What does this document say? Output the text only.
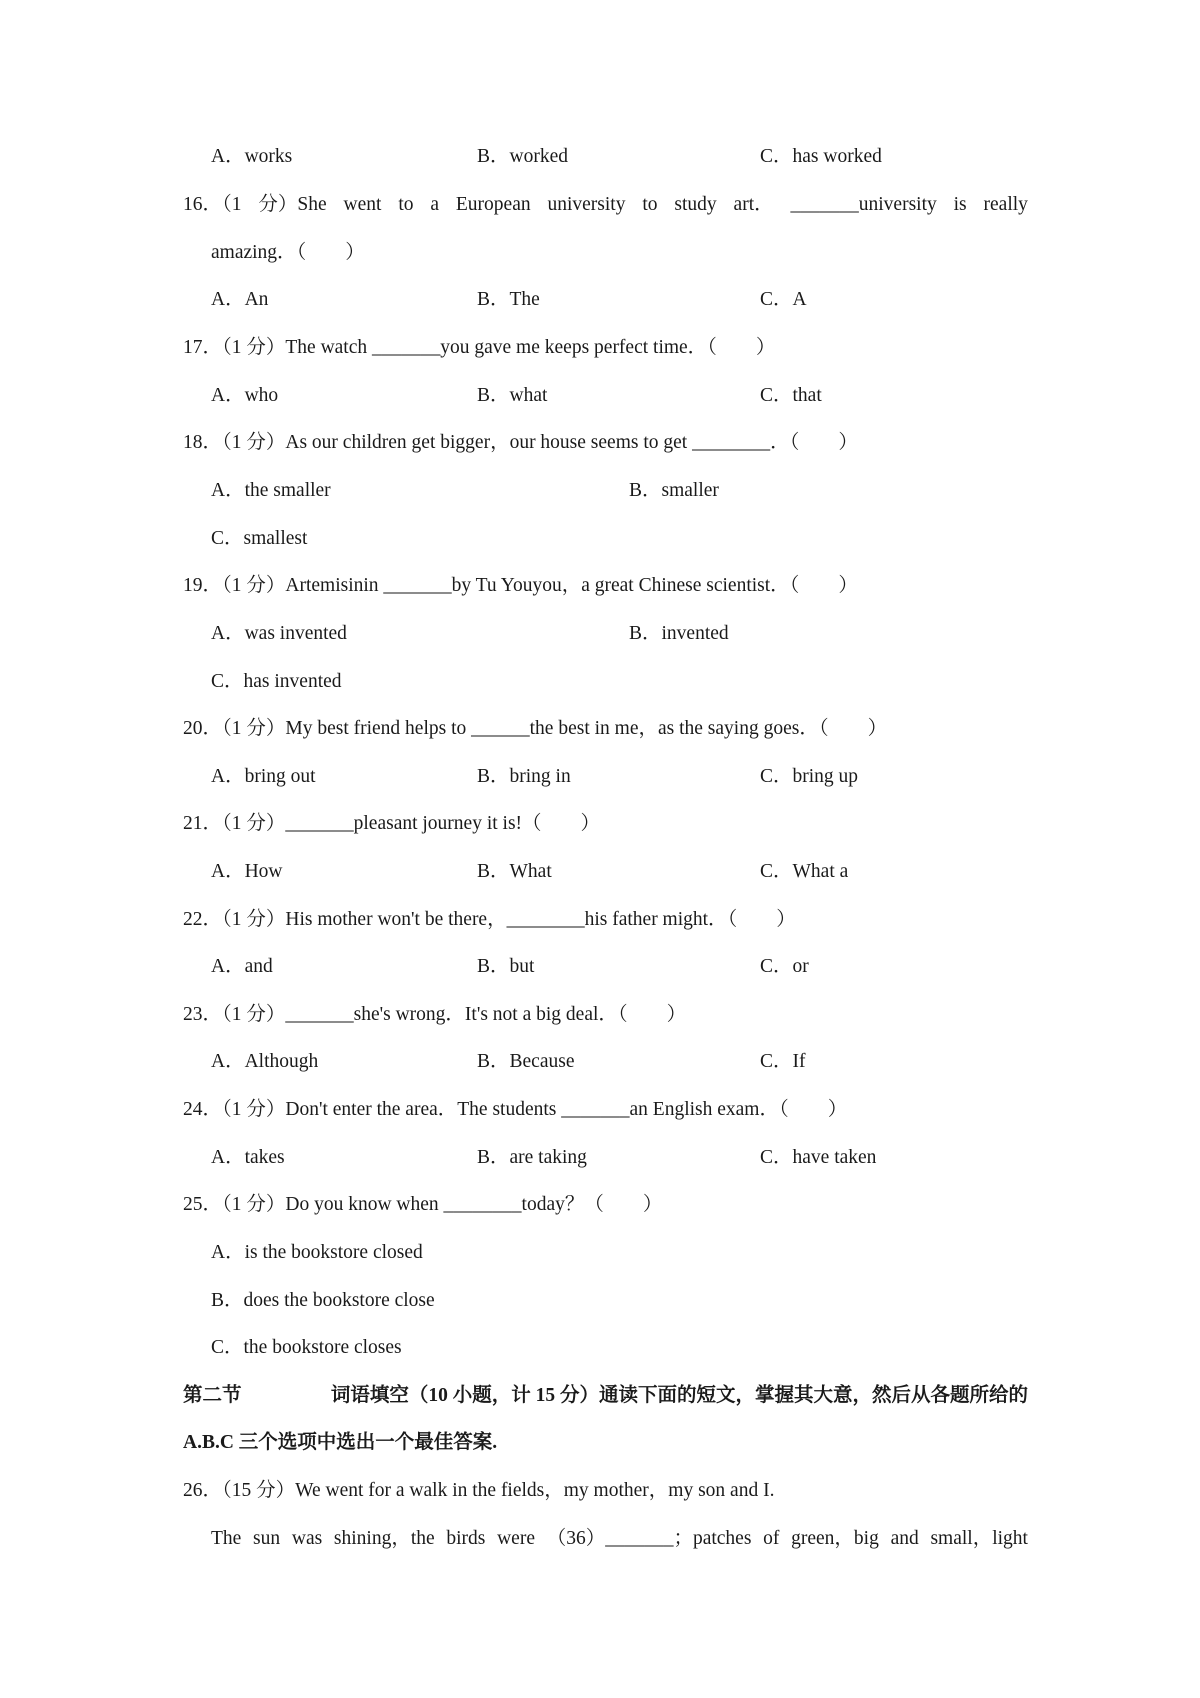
A．works	B．worked	C．has worked
16．（1 分）She went to a European university to study art． _______university is really
amazing．（　　）
A．An	B．The	C．A
17．（1 分）The watch _______you gave me keeps perfect time．（　　）
A．who	B．what	C．that
18．（1 分）As our children get bigger，our house seems to get ________．（　　）
A．the smaller	B．smaller
C．smallest
19．（1 分）Artemisinin _______by Tu Youyou，a great Chinese scientist．（　　）
A．was invented	B．invented
C．has invented
20．（1 分）My best friend helps to ______the best in me，as the saying goes．（　　）
A．bring out	B．bring in	C．bring up
21．（1 分）_______pleasant journey it is!（　　）
A．How	B．What	C．What a
22．（1 分）His mother won't be there，________his father might．（　　）
A．and	B．but	C．or
23．（1 分）_______she's wrong．It's not a big deal．（　　）
A．Although	B．Because	C．If
24．（1 分）Don't enter the area．The students _______an English exam．（　　）
A．takes	B．are taking	C．have taken
25．（1 分）Do you know when ________today？（　　）
A．is the bookstore closed
B．does the bookstore close
C．the bookstore closes
第二节	词语填空（10 小题，计 15 分）通读下面的短文，掌握其大意，然后从各题所给的
A.B.C 三个选项中选出一个最佳答案.
26．（15 分）We went for a walk in the fields，my mother，my son and I.
The sun was shining，the birds were （36）_______；patches of green，big and small，light
